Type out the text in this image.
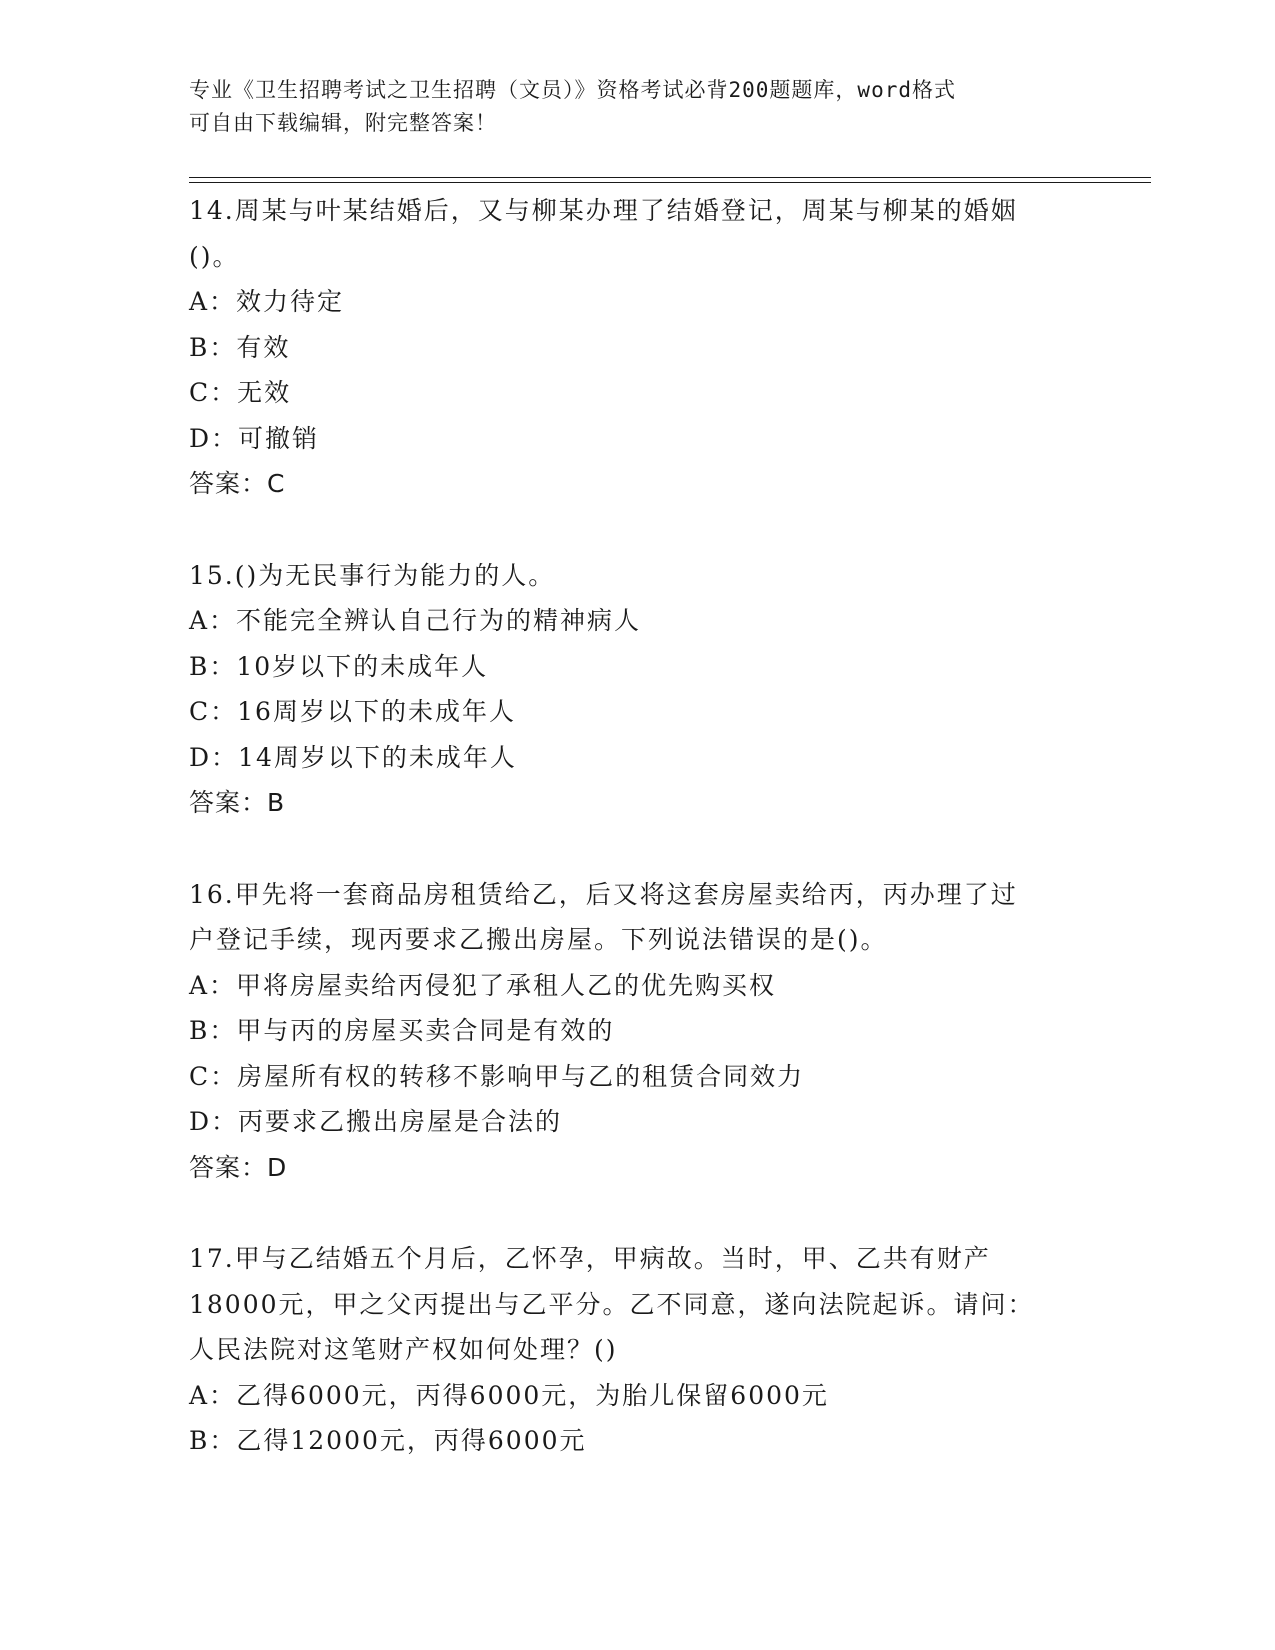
专业《卫生招聘考试之卫生招聘（文员）》资格考试必背200题题库，word格式
可自由下载编辑，附完整答案！
14.周某与叶某结婚后，又与柳某办理了结婚登记，周某与柳某的婚姻
()。
A：效力待定
B：有效
C：无效
D：可撤销
答案：C
15.()为无民事行为能力的人。
A：不能完全辨认自己行为的精神病人
B：10岁以下的未成年人
C：16周岁以下的未成年人
D：14周岁以下的未成年人
答案：B
16.甲先将一套商品房租赁给乙，后又将这套房屋卖给丙，丙办理了过
户登记手续，现丙要求乙搬出房屋。下列说法错误的是()。
A：甲将房屋卖给丙侵犯了承租人乙的优先购买权
B：甲与丙的房屋买卖合同是有效的
C：房屋所有权的转移不影响甲与乙的租赁合同效力
D：丙要求乙搬出房屋是合法的
答案：D
17.甲与乙结婚五个月后，乙怀孕，甲病故。当时，甲、乙共有财产
18000元，甲之父丙提出与乙平分。乙不同意，遂向法院起诉。请问：
人民法院对这笔财产权如何处理？()
A：乙得6000元，丙得6000元，为胎儿保留6000元
B：乙得12000元，丙得6000元
